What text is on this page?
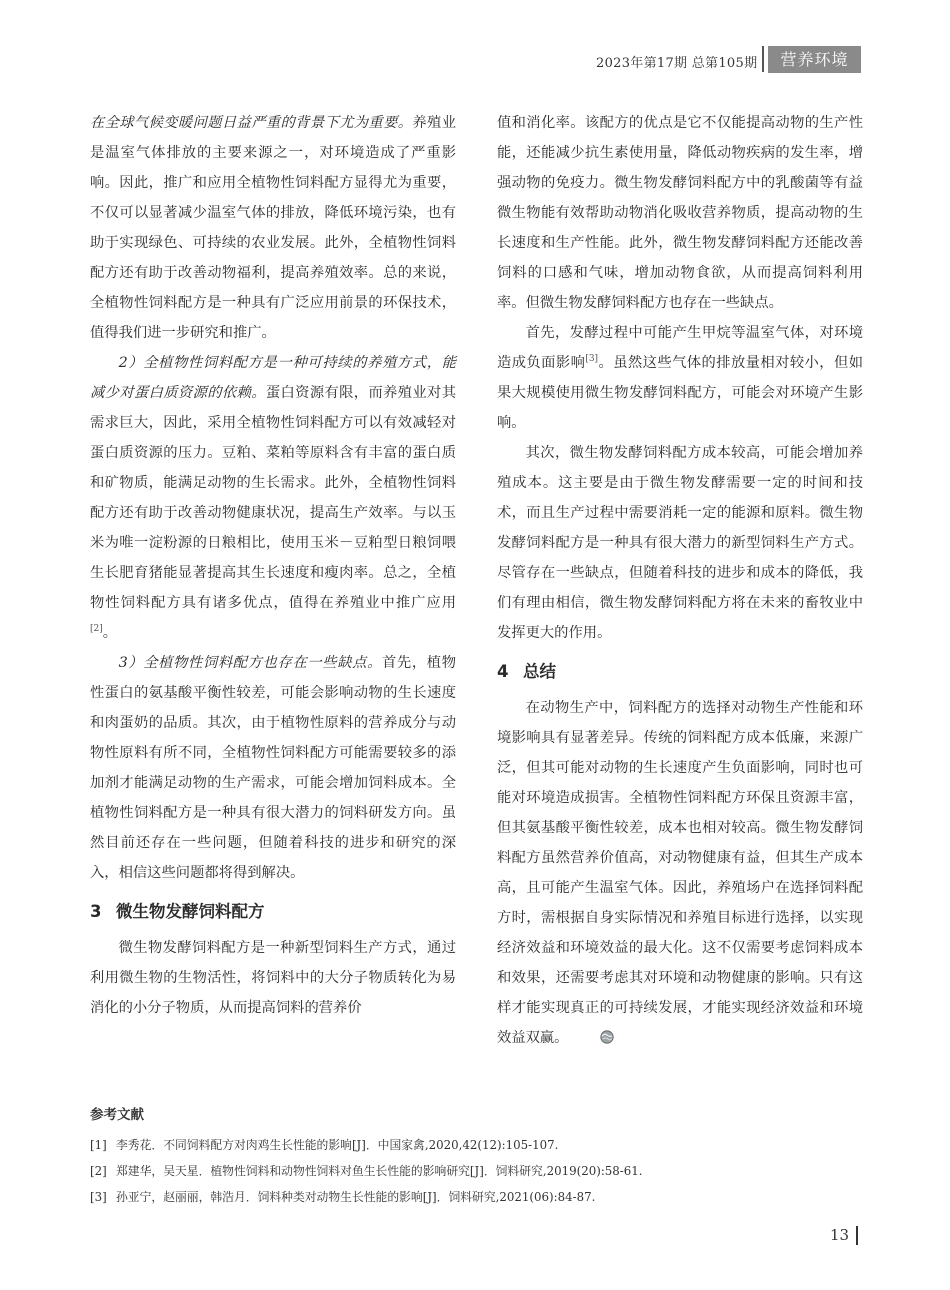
2023年第17期 总第105期	营养环境

在全球气候变暖问题日益严重的背景下尤为重要。养殖业是温室气体排放的主要来源之一，对环境造成了严重影响。因此，推广和应用全植物性饲料配方显得尤为重要，不仅可以显著减少温室气体的排放，降低环境污染，也有助于实现绿色、可持续的农业发展。此外，全植物性饲料配方还有助于改善动物福利，提高养殖效率。总的来说，全植物性饲料配方是一种具有广泛应用前景的环保技术，值得我们进一步研究和推广。

2）全植物性饲料配方是一种可持续的养殖方式，能减少对蛋白质资源的依赖。蛋白资源有限，而养殖业对其需求巨大，因此，采用全植物性饲料配方可以有效减轻对蛋白质资源的压力。豆粕、菜粕等原料含有丰富的蛋白质和矿物质，能满足动物的生长需求。此外，全植物性饲料配方还有助于改善动物健康状况，提高生产效率。与以玉米为唯一淀粉源的日粮相比，使用玉米－豆粕型日粮饲喂生长肥育猪能显著提高其生长速度和瘦肉率。总之，全植物性饲料配方具有诸多优点，值得在养殖业中推广应用[2]。

3）全植物性饲料配方也存在一些缺点。首先，植物性蛋白的氨基酸平衡性较差，可能会影响动物的生长速度和肉蛋奶的品质。其次，由于植物性原料的营养成分与动物性原料有所不同，全植物性饲料配方可能需要较多的添加剂才能满足动物的生产需求，可能会增加饲料成本。全植物性饲料配方是一种具有很大潜力的饲料研发方向。虽然目前还存在一些问题，但随着科技的进步和研究的深入，相信这些问题都将得到解决。

3 微生物发酵饲料配方

微生物发酵饲料配方是一种新型饲料生产方式，通过利用微生物的生物活性，将饲料中的大分子物质转化为易消化的小分子物质，从而提高饲料的营养价

值和消化率。该配方的优点是它不仅能提高动物的生产性能，还能减少抗生素使用量，降低动物疾病的发生率，增强动物的免疫力。微生物发酵饲料配方中的乳酸菌等有益微生物能有效帮助动物消化吸收营养物质，提高动物的生长速度和生产性能。此外，微生物发酵饲料配方还能改善饲料的口感和气味，增加动物食欲，从而提高饲料利用率。但微生物发酵饲料配方也存在一些缺点。

首先，发酵过程中可能产生甲烷等温室气体，对环境造成负面影响[3]。虽然这些气体的排放量相对较小，但如果大规模使用微生物发酵饲料配方，可能会对环境产生影响。

其次，微生物发酵饲料配方成本较高，可能会增加养殖成本。这主要是由于微生物发酵需要一定的时间和技术，而且生产过程中需要消耗一定的能源和原料。微生物发酵饲料配方是一种具有很大潜力的新型饲料生产方式。尽管存在一些缺点，但随着科技的进步和成本的降低，我们有理由相信，微生物发酵饲料配方将在未来的畜牧业中发挥更大的作用。

4 总结

在动物生产中，饲料配方的选择对动物生产性能和环境影响具有显著差异。传统的饲料配方成本低廉，来源广泛，但其可能对动物的生长速度产生负面影响，同时也可能对环境造成损害。全植物性饲料配方环保且资源丰富，但其氨基酸平衡性较差，成本也相对较高。微生物发酵饲料配方虽然营养价值高，对动物健康有益，但其生产成本高，且可能产生温室气体。因此，养殖场户在选择饲料配方时，需根据自身实际情况和养殖目标进行选择，以实现经济效益和环境效益的最大化。这不仅需要考虑饲料成本和效果，还需要考虑其对环境和动物健康的影响。只有这样才能实现真正的可持续发展，才能实现经济效益和环境效益双赢。

参考文献
[1] 李秀花．不同饲料配方对肉鸡生长性能的影响[J]．中国家禽,2020,42(12):105-107.
[2] 郑建华，吴天星．植物性饲料和动物性饲料对鱼生长性能的影响研究[J]．饲料研究,2019(20):58-61.
[3] 孙亚宁，赵丽丽，韩浩月．饲料种类对动物生长性能的影响[J]．饲料研究,2021(06):84-87.
13
